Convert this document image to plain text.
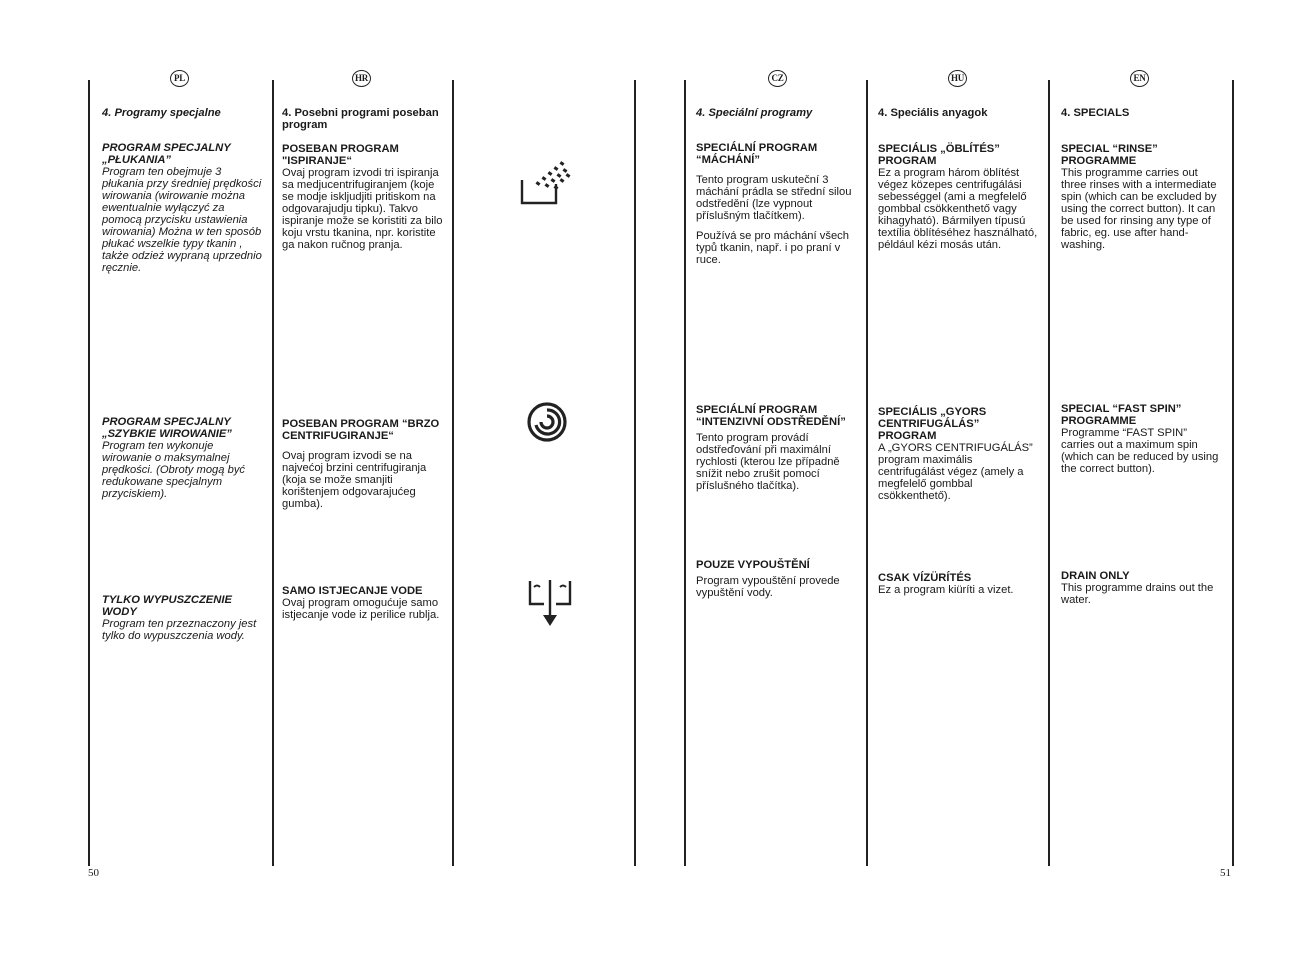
PL	HR	CZ	HU	EN

4. Programy specjalne

PROGRAM SPECJALNY „PŁUKANIA”

Program ten obejmuje 3 płukania przy średniej prędkości wirowania (wirowanie można ewentualnie wyłączyć za pomocą przycisku ustawienia wirowania) Można w ten sposób płukać wszelkie typy tkanin , także odzież wypraną uprzednio ręcznie.

PROGRAM SPECJALNY „SZYBKIE WIROWANIE”

Program ten wykonuje wirowanie o maksymalnej prędkości. (Obroty mogą być redukowane specjalnym przyciskiem).

TYLKO WYPUSZCZENIE WODY

Program ten przeznaczony jest tylko do wypuszczenia wody.

4. Posebni programi poseban program

POSEBAN PROGRAM "ISPIRANJE“

Ovaj program izvodi tri ispiranja sa medjucentrifugiranjem (koje se modje iskljudjiti pritiskom na odgovarajudju tipku). Takvo ispiranje može se koristiti za bilo koju vrstu tkanina, npr. koristite ga nakon ručnog pranja.

POSEBAN PROGRAM “BRZO CENTRIFUGIRANJE“

Ovaj program izvodi se na najvećoj brzini centrifugiranja (koja se može smanjiti korištenjem odgovarajućeg gumba).

SAMO ISTJECANJE VODE

Ovaj program omogućuje samo istjecanje vode iz perilice rublja.

4. Speciální programy

SPECIÁLNÍ PROGRAM “MÁCHÁNÍ”

Tento program uskuteční 3 máchání prádla se střední silou odstředění (lze vypnout příslušným tlačítkem).

Používá se pro máchání všech typů tkanin, např. i po praní v ruce.

SPECIÁLNÍ PROGRAM “INTENZIVNÍ ODSTŘEDĚNÍ”

Tento program provádí odstřeďování při maximální rychlosti (kterou lze případně snížit nebo zrušit pomocí příslušného tlačítka).

POUZE VYPOUŠTĚNÍ

Program vypouštění provede vypuštění vody.

4. Speciális anyagok

SPECIÁLIS „ÖBLÍTÉS” PROGRAM

Ez a program három öblítést végez közepes centrifugálási sebességgel (ami a megfelelő gombbal csökkenthető vagy kihagyható). Bármilyen típusú textília öblítéséhez használható, például kézi mosás után.

SPECIÁLIS „GYORS CENTRIFUGÁLÁS” PROGRAM

A „GYORS CENTRIFUGÁLÁS” program maximális centrifugálást végez (amely a megfelelő gombbal csökkenthető).

CSAK VÍZÜRÍTÉS

Ez a program kiüríti a vizet.

4. SPECIALS

SPECIAL “RINSE” PROGRAMME

This programme carries out three rinses with a intermediate spin (which can be excluded by using the correct button). It can be used for rinsing any type of fabric, eg. use after hand-washing.

SPECIAL “FAST SPIN” PROGRAMME

Programme “FAST SPIN” carries out a maximum spin (which can be reduced by using the correct button).

DRAIN ONLY

This programme drains out the water.

50	51
